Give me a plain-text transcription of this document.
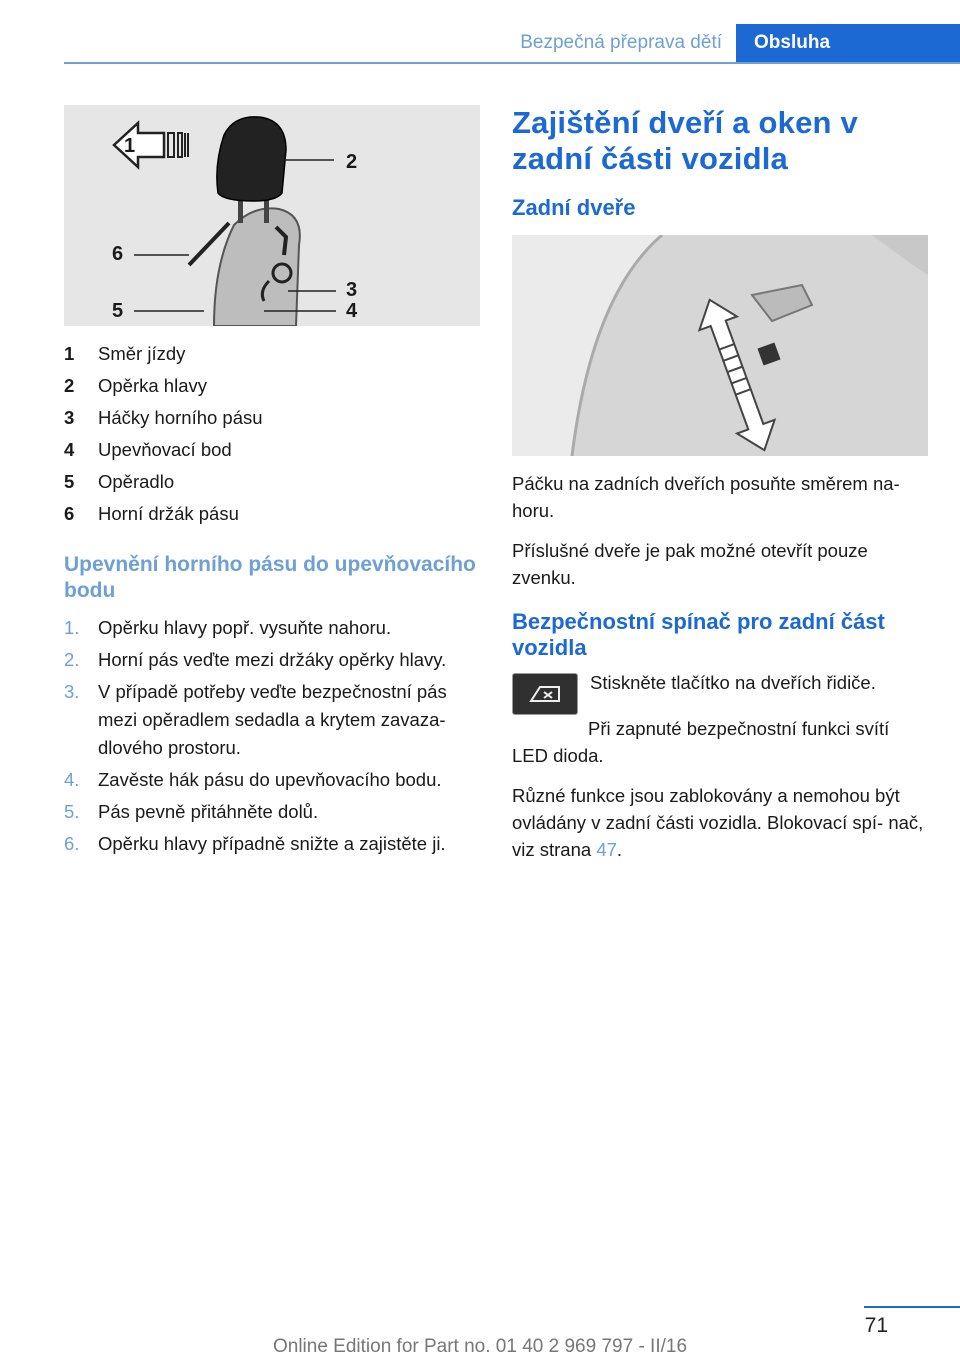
Bezpečná přeprava dětí	Obsluha
1
2
6
3
4
5
1	Směr jízdy
2	Opěrka hlavy
3	Háčky horního pásu
4	Upevňovací bod
5	Opěradlo
6	Horní držák pásu
Upevnění horního pásu do upevňovacího bodu
1.	Opěrku hlavy popř. vysuňte nahoru.
2.	Horní pás veďte mezi držáky opěrky hlavy.
3.	V případě potřeby veďte bezpečnostní pás mezi opěradlem sedadla a krytem zavaza‐ dlového prostoru.
4.	Zavěste hák pásu do upevňovacího bodu.
5.	Pás pevně přitáhněte dolů.
6.	Opěrku hlavy případně snižte a zajistěte ji.
Zajištění dveří a oken v zadní části vozidla
Zadní dveře

Páčku na zadních dveřích posuňte směrem na‐ horu.

Příslušné dveře je pak možné otevřít pouze zvenku.

Bezpečnostní spínač pro zadní část vozidla

Stiskněte tlačítko na dveřích řidiče.

Při zapnuté bezpečnostní funkci svítí LED dioda.

Různé funkce jsou zablokovány a nemohou být ovládány v zadní části vozidla. Blokovací spí‐ nač, viz strana 47.

71
Online Edition for Part no. 01 40 2 969 797 - II/16
